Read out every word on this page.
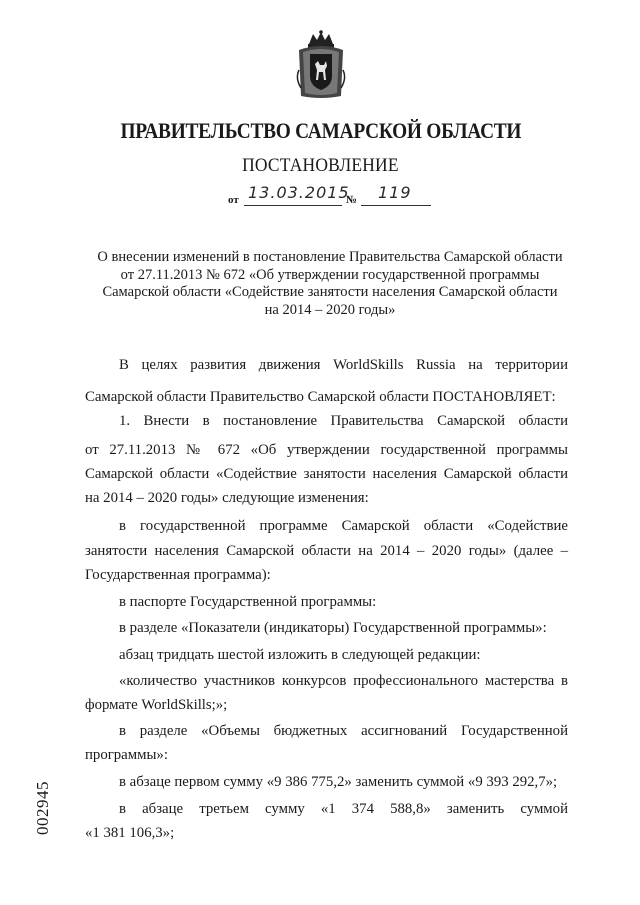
ПРАВИТЕЛЬСТВО САМАРСКОЙ ОБЛАСТИ
ПОСТАНОВЛЕНИЕ
от 13.03.2015
№ 119
О внесении изменений в постановление Правительства Самарской области
от 27.11.2013 № 672 «Об утверждении государственной программы
Самарской области «Содействие занятости населения Самарской области
на 2014 – 2020 годы»
В целях развития движения WorldSkills Russia на территории
Самарской области Правительство Самарской области ПОСТАНОВЛЯЕТ:
1. Внести в постановление Правительства Самарской области
от 27.11.2013 № 672 «Об утверждении государственной программы
Самарской области «Содействие занятости населения Самарской области
на 2014 – 2020 годы» следующие изменения:
в государственной программе Самарской области «Содействие
занятости населения Самарской области на 2014 – 2020 годы» (далее –
Государственная программа):
в паспорте Государственной программы:
в разделе «Показатели (индикаторы) Государственной программы»:
абзац тридцать шестой изложить в следующей редакции:
«количество участников конкурсов профессионального мастерства в
формате WorldSkills;»;
в разделе «Объемы бюджетных ассигнований Государственной
программы»:
в абзаце первом сумму «9 386 775,2» заменить суммой «9 393 292,7»;
в абзаце третьем сумму «1 374 588,8» заменить суммой
«1 381 106,3»;
002945
